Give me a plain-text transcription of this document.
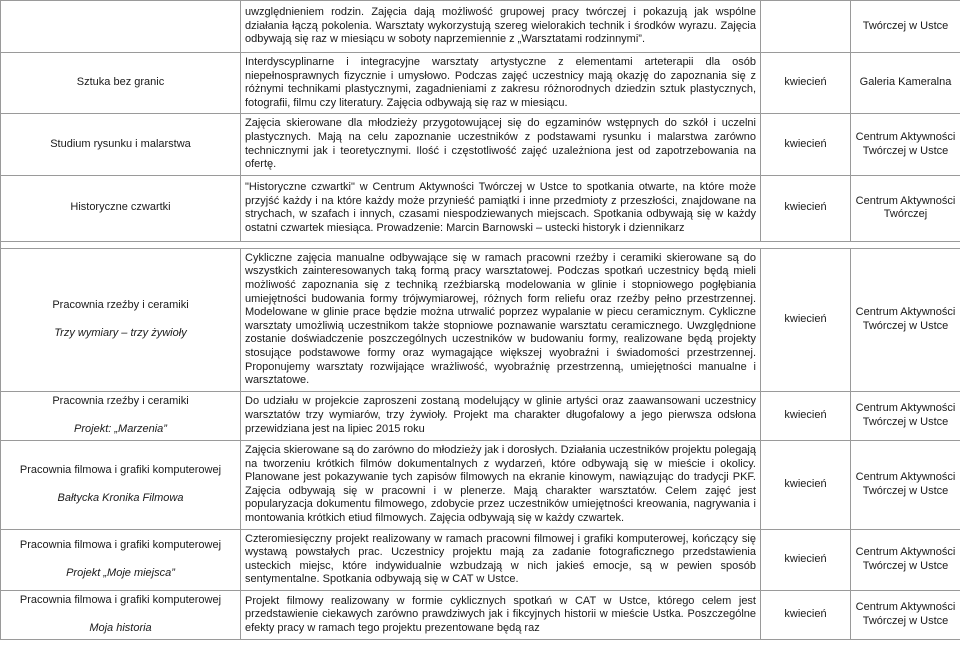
	uwzględnieniem rodzin. Zajęcia dają możliwość grupowej pracy twórczej i pokazują jak wspólne działania łączą pokolenia. Warsztaty wykorzystują szereg wielorakich technik i środków wyrazu. Zajęcia odbywają się raz w miesiącu w soboty naprzemiennie z „Warsztatami rodzinnymi”.		Twórczej w Ustce

Sztuka bez granic	Interdyscyplinarne i integracyjne warsztaty artystyczne z elementami arteterapii dla osób niepełnosprawnych fizycznie i umysłowo. Podczas zajęć uczestnicy mają okazję do zapoznania się z różnymi technikami plastycznymi, zagadnieniami z zakresu różnorodnych dziedzin sztuk plastycznych, fotografii, filmu czy literatury. Zajęcia odbywają się raz w miesiącu.	kwiecień	Galeria Kameralna

Studium rysunku i malarstwa	Zajęcia skierowane dla młodzieży przygotowującej się do egzaminów wstępnych do szkół i uczelni plastycznych. Mają na celu zapoznanie uczestników z podstawami rysunku i malarstwa zarówno technicznymi jak i teoretycznymi. Ilość i częstotliwość zajęć uzależniona jest od zapotrzebowania na ofertę.	kwiecień	Centrum Aktywności Twórczej w Ustce

Historyczne czwartki	"Historyczne czwartki" w Centrum Aktywności Twórczej w Ustce to spotkania otwarte, na które może przyjść każdy i na które każdy może przynieść pamiątki i inne przedmioty z przeszłości, znajdowane na strychach, w szafach i innych, czasami niespodziewanych miejscach. Spotkania odbywają się w każdy ostatni czwartek miesiąca. Prowadzenie: Marcin Barnowski – ustecki historyk i dziennikarz	kwiecień	Centrum Aktywności Twórczej

Pracownia rzeźby i ceramiki
Trzy wymiary – trzy żywioły	Cykliczne zajęcia manualne odbywające się w ramach pracowni rzeźby i ceramiki skierowane są do wszystkich zainteresowanych taką formą pracy warsztatowej. Podczas spotkań uczestnicy będą mieli możliwość zapoznania się z techniką rzeźbiarską modelowania w glinie i stopniowego pogłębiania umiejętności budowania formy trójwymiarowej, różnych form reliefu oraz rzeźby pełno przestrzennej. Modelowane w glinie prace będzie można utrwalić poprzez wypalanie w piecu ceramicznym. Cykliczne warsztaty umożliwią uczestnikom także stopniowe poznawanie warsztatu ceramicznego. Uwzględnione zostanie doświadczenie poszczególnych uczestników w budowaniu formy, realizowane będą projekty stosujące podstawowe formy oraz wymagające większej wyobraźni i świadomości przestrzennej. Proponujemy warsztaty rozwijające wrażliwość, wyobraźnię przestrzenną, umiejętności manualne i warsztatowe.	kwiecień	Centrum Aktywności Twórczej w Ustce

Pracownia rzeźby i ceramiki
Projekt: „Marzenia”	Do udziału w projekcie zaproszeni zostaną modelujący w glinie artyści oraz zaawansowani uczestnicy warsztatów trzy wymiarów, trzy żywioły. Projekt ma charakter długofalowy a jego pierwsza odsłona przewidziana jest na lipiec 2015 roku	kwiecień	Centrum Aktywności Twórczej w Ustce

Pracownia filmowa i grafiki komputerowej
Bałtycka Kronika Filmowa	Zajęcia skierowane są do zarówno do młodzieży jak i dorosłych. Działania uczestników projektu polegają na tworzeniu krótkich filmów dokumentalnych z wydarzeń, które odbywają się w mieście i okolicy. Planowane jest pokazywanie tych zapisów filmowych na ekranie kinowym, nawiązując do tradycji PKF. Zajęcia odbywają się w pracowni i w plenerze. Mają charakter warsztatów. Celem zajęć jest popularyzacja dokumentu filmowego, zdobycie przez uczestników umiejętności kreowania, nagrywania i montowania krótkich etiud filmowych. Zajęcia odbywają się w każdy czwartek.	kwiecień	Centrum Aktywności Twórczej w Ustce

Pracownia filmowa i grafiki komputerowej
Projekt „Moje miejsca”	Czteromiesięczny projekt realizowany w ramach pracowni filmowej i grafiki komputerowej, kończący się wystawą powstałych prac. Uczestnicy projektu mają za zadanie fotograficznego przedstawienia usteckich miejsc, które indywidualnie wzbudzają w nich jakieś emocje, są w pewien sposób sentymentalne. Spotkania odbywają się w CAT w Ustce.	kwiecień	Centrum Aktywności Twórczej w Ustce

Pracownia filmowa i grafiki komputerowej
Moja historia	Projekt filmowy realizowany w formie cyklicznych spotkań w CAT w Ustce, którego celem jest przedstawienie ciekawych zarówno prawdziwych jak i fikcyjnych historii w mieście Ustka. Poszczególne efekty pracy w ramach tego projektu prezentowane będą raz	kwiecień	Centrum Aktywności Twórczej w Ustce
